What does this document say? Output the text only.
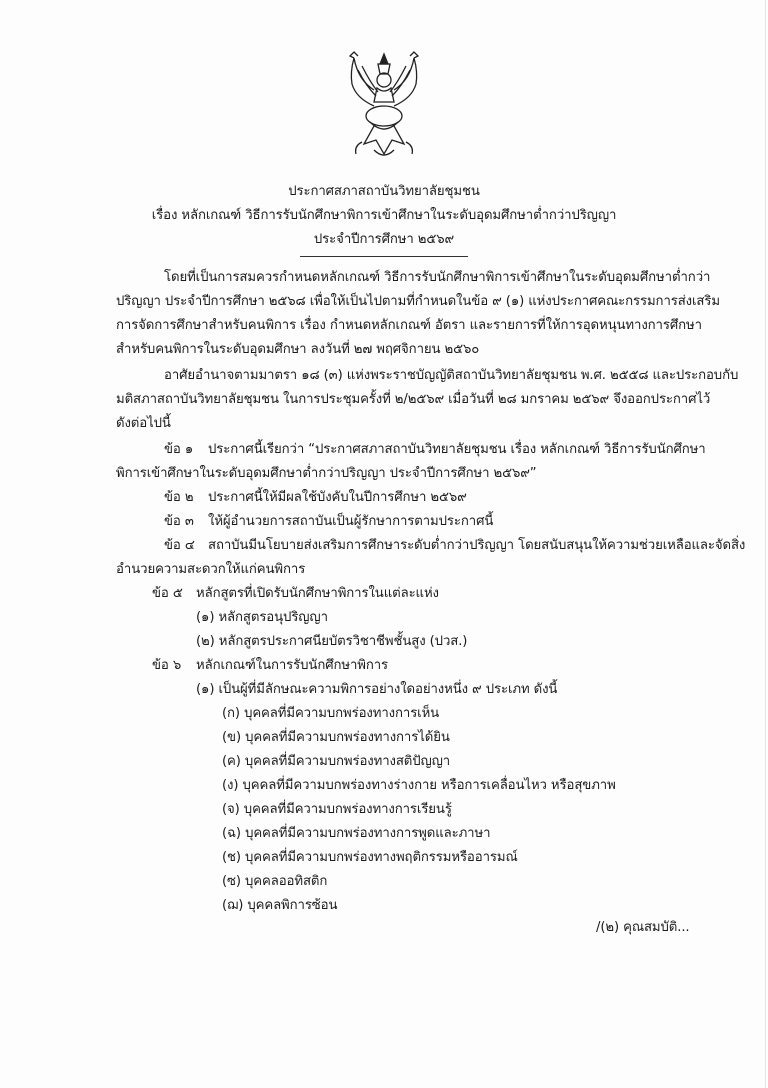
ประกาศสภาสถาบันวิทยาลัยชุมชน
เรื่อง หลักเกณฑ์ วิธีการรับนักศึกษาพิการเข้าศึกษาในระดับอุดมศึกษาต่ำกว่าปริญญา
ประจำปีการศึกษา ๒๕๖๙
โดยที่เป็นการสมควรกำหนดหลักเกณฑ์ วิธีการรับนักศึกษาพิการเข้าศึกษาในระดับอุดมศึกษาต่ำกว่า
ปริญญา ประจำปีการศึกษา ๒๕๖๘ เพื่อให้เป็นไปตามที่กำหนดในข้อ ๙ (๑) แห่งประกาศคณะกรรมการส่งเสริม
การจัดการศึกษาสำหรับคนพิการ เรื่อง กำหนดหลักเกณฑ์ อัตรา และรายการที่ให้การอุดหนุนทางการศึกษา
สำหรับคนพิการในระดับอุดมศึกษา ลงวันที่ ๒๗ พฤศจิกายน ๒๕๖๐
อาศัยอำนาจตามมาตรา ๑๘ (๓) แห่งพระราชบัญญัติสถาบันวิทยาลัยชุมชน พ.ศ. ๒๕๕๘ และประกอบกับ
มติสภาสถาบันวิทยาลัยชุมชน ในการประชุมครั้งที่ ๒/๒๕๖๙ เมื่อวันที่ ๒๘ มกราคม ๒๕๖๙ จึงออกประกาศไว้
ดังต่อไปนี้
ข้อ ๑ ประกาศนี้เรียกว่า “ประกาศสภาสถาบันวิทยาลัยชุมชน เรื่อง หลักเกณฑ์ วิธีการรับนักศึกษา
พิการเข้าศึกษาในระดับอุดมศึกษาต่ำกว่าปริญญา ประจำปีการศึกษา ๒๕๖๙”
ข้อ ๒ ประกาศนี้ให้มีผลใช้บังคับในปีการศึกษา ๒๕๖๙
ข้อ ๓ ให้ผู้อำนวยการสถาบันเป็นผู้รักษาการตามประกาศนี้
ข้อ ๔ สถาบันมีนโยบายส่งเสริมการศึกษาระดับต่ำกว่าปริญญา โดยสนับสนุนให้ความช่วยเหลือและจัดสิ่ง
อำนวยความสะดวกให้แก่คนพิการ
ข้อ ๕ หลักสูตรที่เปิดรับนักศึกษาพิการในแต่ละแห่ง
(๑) หลักสูตรอนุปริญญา
(๒) หลักสูตรประกาศนียบัตรวิชาชีพชั้นสูง (ปวส.)
ข้อ ๖ หลักเกณฑ์ในการรับนักศึกษาพิการ
(๑) เป็นผู้ที่มีลักษณะความพิการอย่างใดอย่างหนึ่ง ๙ ประเภท ดังนี้
(ก) บุคคลที่มีความบกพร่องทางการเห็น
(ข) บุคคลที่มีความบกพร่องทางการได้ยิน
(ค) บุคคลที่มีความบกพร่องทางสติปัญญา
(ง) บุคคลที่มีความบกพร่องทางร่างกาย หรือการเคลื่อนไหว หรือสุขภาพ
(จ) บุคคลที่มีความบกพร่องทางการเรียนรู้
(ฉ) บุคคลที่มีความบกพร่องทางการพูดและภาษา
(ช) บุคคลที่มีความบกพร่องทางพฤติกรรมหรืออารมณ์
(ซ) บุคคลออทิสติก
(ฌ) บุคคลพิการซ้อน
/(๒) คุณสมบัติ...
